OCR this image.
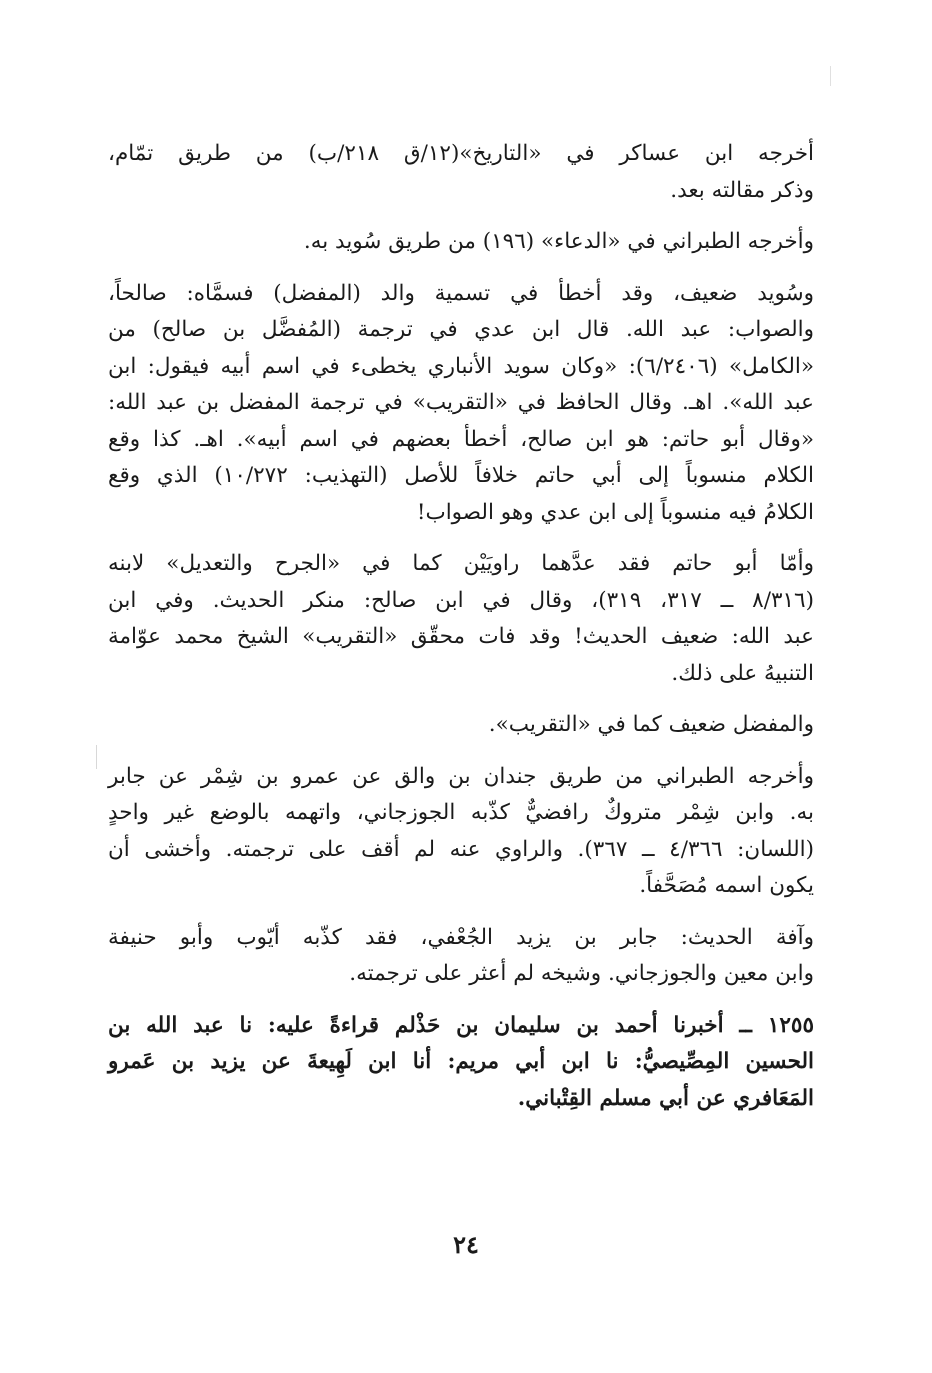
أخرجه ابن عساكر في «التاريخ»(١٢/ق ٢١٨/ب) من طريق تمّام،
وذكر مقالته بعد.
وأخرجه الطبراني في «الدعاء» (١٩٦) من طريق سُويد به.
وسُويد ضعيف، وقد أخطأ في تسمية والد (المفضل) فسمَّاه: صالحاً،
والصواب: عبد الله. قال ابن عدي في ترجمة (المُفضَّل بن صالح) من
«الكامل» (٦/٢٤٠٦): «وكان سويد الأنباري يخطىء في اسم أبيه فيقول: ابن
عبد الله». اهـ. وقال الحافظ في «التقريب» في ترجمة المفضل بن عبد الله:
«وقال أبو حاتم: هو ابن صالح، أخطأ بعضهم في اسم أبيه». اهـ. كذا وقع
الكلام منسوباً إلى أبي حاتم خلافاً للأصل (التهذيب: ١٠/٢٧٢) الذي وقع
الكلامُ فيه منسوباً إلى ابن عدي وهو الصواب!
وأمّا أبو حاتم فقد عدَّهما راويَيْن كما في «الجرح والتعديل» لابنه
(٨/٣١٦ ــ ٣١٧، ٣١٩)، وقال في ابن صالح: منكر الحديث. وفي ابن
عبد الله: ضعيف الحديث! وقد فات محقّق «التقريب» الشيخ محمد عوّامة
التنبيهُ على ذلك.
والمفضل ضعيف كما في «التقريب».
وأخرجه الطبراني من طريق جندان بن والق عن عمرو بن شِمْر عن جابر
به. وابن شِمْر متروكٌ رافضيٌّ كذّبه الجوزجاني، واتهمه بالوضع غير واحدٍ
(اللسان: ٤/٣٦٦ ــ ٣٦٧). والراوي عنه لم أقف على ترجمته. وأخشى أن
يكون اسمه مُصَحَّفاً.
وآفة الحديث: جابر بن يزيد الجُعْفي، فقد كذّبه أيّوب وأبو حنيفة
وابن معين والجوزجاني. وشيخه لم أعثر على ترجمته.
١٢٥٥ ــ أخبرنا أحمد بن سليمان بن حَذْلم قراءةً عليه: نا عبد الله بن
الحسين المِصِّيصيُّ: نا ابن أبي مريم: أنا ابن لَهِيعةَ عن يزيد بن عَمرو
المَعَافري عن أبي مسلم القِتْباني.
٢٤
